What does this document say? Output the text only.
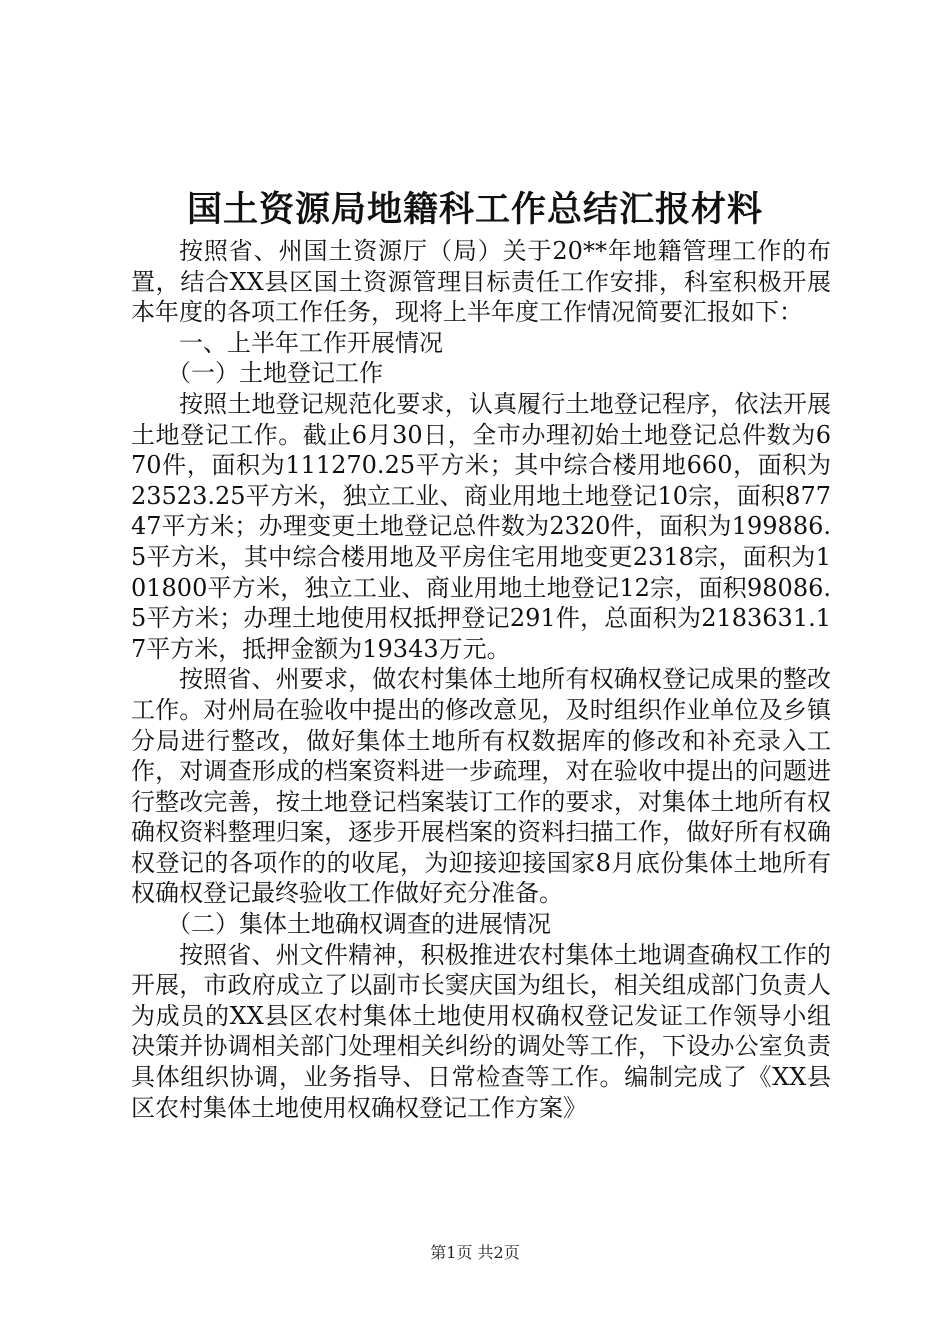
国土资源局地籍科工作总结汇报材料

按照省、州国土资源厅（局）关于20**年地籍管理工作的布置，结合XX县区国土资源管理目标责任工作安排，科室积极开展本年度的各项工作任务，现将上半年度工作情况简要汇报如下：

一、上半年工作开展情况

（一）土地登记工作

按照土地登记规范化要求，认真履行土地登记程序，依法开展土地登记工作。截止6月30日，全市办理初始土地登记总件数为670件，面积为111270.25平方米；其中综合楼用地660，面积为23523.25平方米，独立工业、商业用地土地登记10宗，面积87747平方米；办理变更土地登记总件数为2320件，面积为199886.5平方米，其中综合楼用地及平房住宅用地变更2318宗，面积为101800平方米，独立工业、商业用地土地登记12宗，面积98086.5平方米；办理土地使用权抵押登记291件，总面积为2183631.17平方米，抵押金额为19343万元。

按照省、州要求，做农村集体土地所有权确权登记成果的整改工作。对州局在验收中提出的修改意见，及时组织作业单位及乡镇分局进行整改，做好集体土地所有权数据库的修改和补充录入工作，对调查形成的档案资料进一步疏理，对在验收中提出的问题进行整改完善，按土地登记档案装订工作的要求，对集体土地所有权确权资料整理归案，逐步开展档案的资料扫描工作，做好所有权确权登记的各项作的的收尾，为迎接迎接国家8月底份集体土地所有权确权登记最终验收工作做好充分准备。

（二）集体土地确权调查的进展情况

按照省、州文件精神，积极推进农村集体土地调查确权工作的开展，市政府成立了以副市长窦庆国为组长，相关组成部门负责人为成员的XX县区农村集体土地使用权确权登记发证工作领导小组决策并协调相关部门处理相关纠纷的调处等工作，下设办公室负责具体组织协调，业务指导、日常检查等工作。编制完成了《XX县区农村集体土地使用权确权登记工作方案》

第1页 共2页
